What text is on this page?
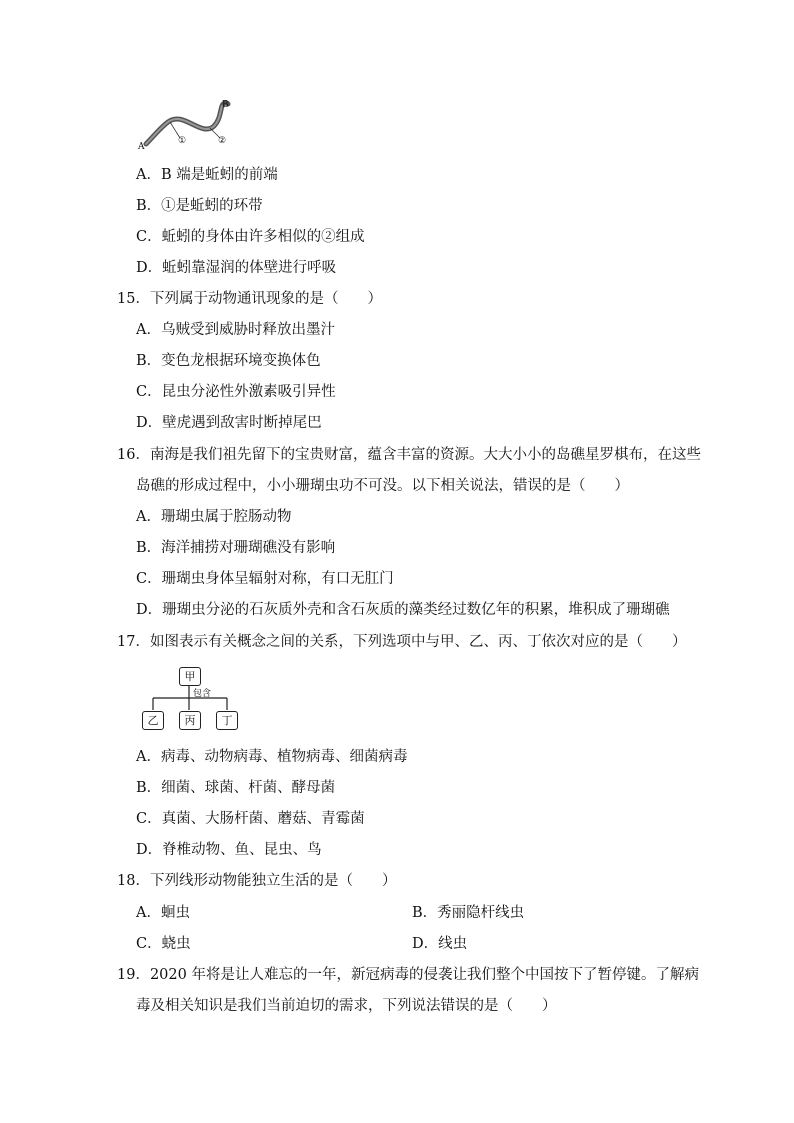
A
B
①	②
A．B 端是蚯蚓的前端
B．①是蚯蚓的环带
C．蚯蚓的身体由许多相似的②组成
D．蚯蚓靠湿润的体壁进行呼吸
15．下列属于动物通讯现象的是（　　）
A．乌贼受到威胁时释放出墨汁
B．变色龙根据环境变换体色
C．昆虫分泌性外激素吸引异性
D．壁虎遇到敌害时断掉尾巴
16．南海是我们祖先留下的宝贵财富，蕴含丰富的资源。大大小小的岛礁星罗棋布，在这些
岛礁的形成过程中，小小珊瑚虫功不可没。以下相关说法，错误的是（　　）
A．珊瑚虫属于腔肠动物
B．海洋捕捞对珊瑚礁没有影响
C．珊瑚虫身体呈辐射对称，有口无肛门
D．珊瑚虫分泌的石灰质外壳和含石灰质的藻类经过数亿年的积累，堆积成了珊瑚礁
17．如图表示有关概念之间的关系，下列选项中与甲、乙、丙、丁依次对应的是（　　）
甲
包含
乙	丙	丁
A．病毒、动物病毒、植物病毒、细菌病毒
B．细菌、球菌、杆菌、酵母菌
C．真菌、大肠杆菌、蘑菇、青霉菌
D．脊椎动物、鱼、昆虫、鸟
18．下列线形动物能独立生活的是（　　）
A．蛔虫	B．秀丽隐杆线虫
C．蛲虫	D．线虫
19．2020 年将是让人难忘的一年，新冠病毒的侵袭让我们整个中国按下了暂停键。了解病
毒及相关知识是我们当前迫切的需求，下列说法错误的是（　　）
